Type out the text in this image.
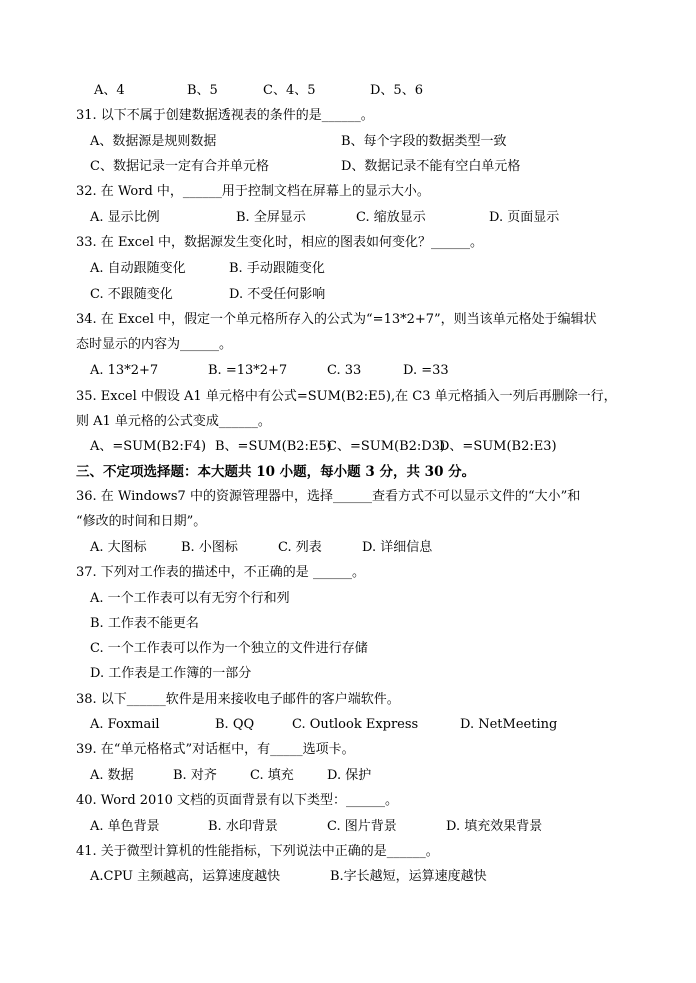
A、4	B、5	C、4、5	D、5、6
31. 以下不属于创建数据透视表的条件的是______。
A、数据源是规则数据	B、每个字段的数据类型一致
C、数据记录一定有合并单元格	D、数据记录不能有空白单元格
32. 在 Word 中，______用于控制文档在屏幕上的显示大小。
A. 显示比例	B. 全屏显示	C. 缩放显示	D. 页面显示
33. 在 Excel 中，数据源发生变化时，相应的图表如何变化？______。
A. 自动跟随变化	B. 手动跟随变化
C. 不跟随变化	D. 不受任何影响
34. 在 Excel 中，假定一个单元格所存入的公式为“=13*2+7”，则当该单元格处于编辑状
态时显示的内容为______。
A. 13*2+7	B. =13*2+7	C. 33	D. =33
35. Excel 中假设 A1 单元格中有公式=SUM(B2:E5),在 C3 单元格插入一列后再删除一行，
则 A1 单元格的公式变成______。
A、=SUM(B2:F4) B、=SUM(B2:E5)
C、=SUM(B2:D3)
D、=SUM(B2:E3)
三、不定项选择题：本大题共 10 小题，每小题 3 分，共 30 分。
36. 在 Windows7 中的资源管理器中，选择______查看方式不可以显示文件的“大小”和
“修改的时间和日期”。
A. 大图标	B. 小图标	C. 列表	D. 详细信息
37. 下列对工作表的描述中，不正确的是 ______。
A. 一个工作表可以有无穷个行和列
B. 工作表不能更名
C. 一个工作表可以作为一个独立的文件进行存储
D. 工作表是工作簿的一部分
38. 以下______软件是用来接收电子邮件的客户端软件。
A. Foxmail	B. QQ	C. Outlook Express	D. NetMeeting
39. 在“单元格格式”对话框中，有_____选项卡。
A. 数据	B. 对齐	C. 填充	D. 保护
40. Word 2010 文档的页面背景有以下类型：______。
A. 单色背景	B. 水印背景	C. 图片背景	D. 填充效果背景
41. 关于微型计算机的性能指标，下列说法中正确的是______。
A.CPU 主频越高，运算速度越快	B.字长越短，运算速度越快
